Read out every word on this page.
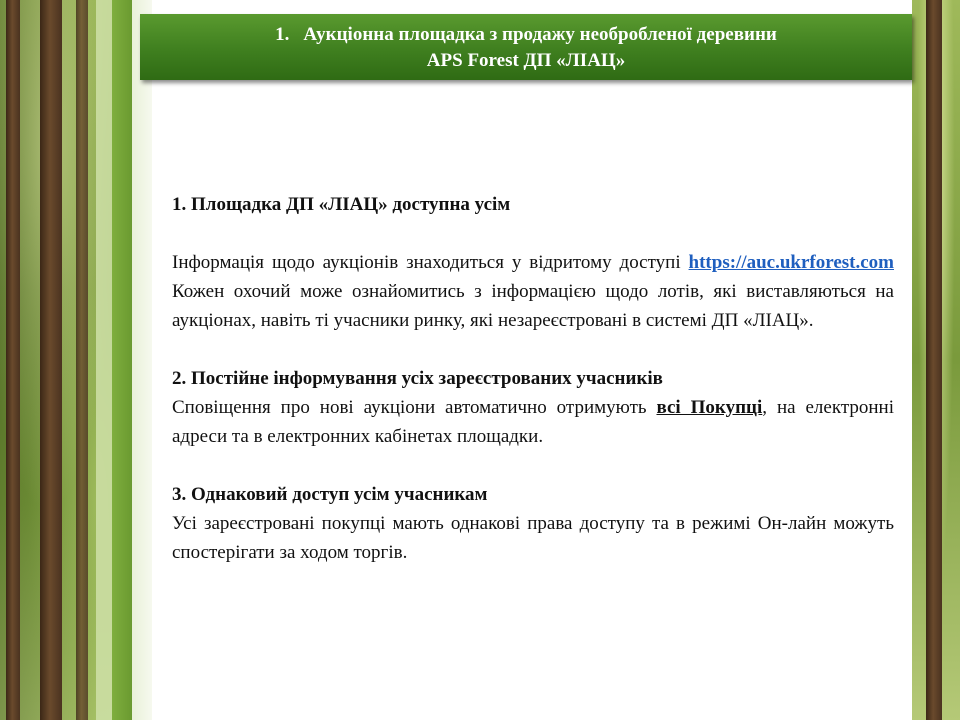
1. Аукціонна площадка з продажу необробленої деревини
APS Forest ДП «ЛІАЦ»
1. Площадка ДП «ЛІАЦ» доступна усім

Інформація щодо аукціонів знаходиться у відритому доступі https://auc.ukrforest.com Кожен охочий може ознайомитись з інформацією щодо лотів, які виставляються на аукціонах, навіть ті учасники ринку, які незареєстровані в системі ДП «ЛІАЦ».

2. Постійне інформування усіх зареєстрованих учасників

Сповіщення про нові аукціони автоматично отримують всі Покупці, на електронні адреси та в електронних кабінетах площадки.

3. Однаковий доступ усім учасникам

Усі зареєстровані покупці мають однакові права доступу та в режимі Он-лайн можуть спостерігати за ходом торгів.
